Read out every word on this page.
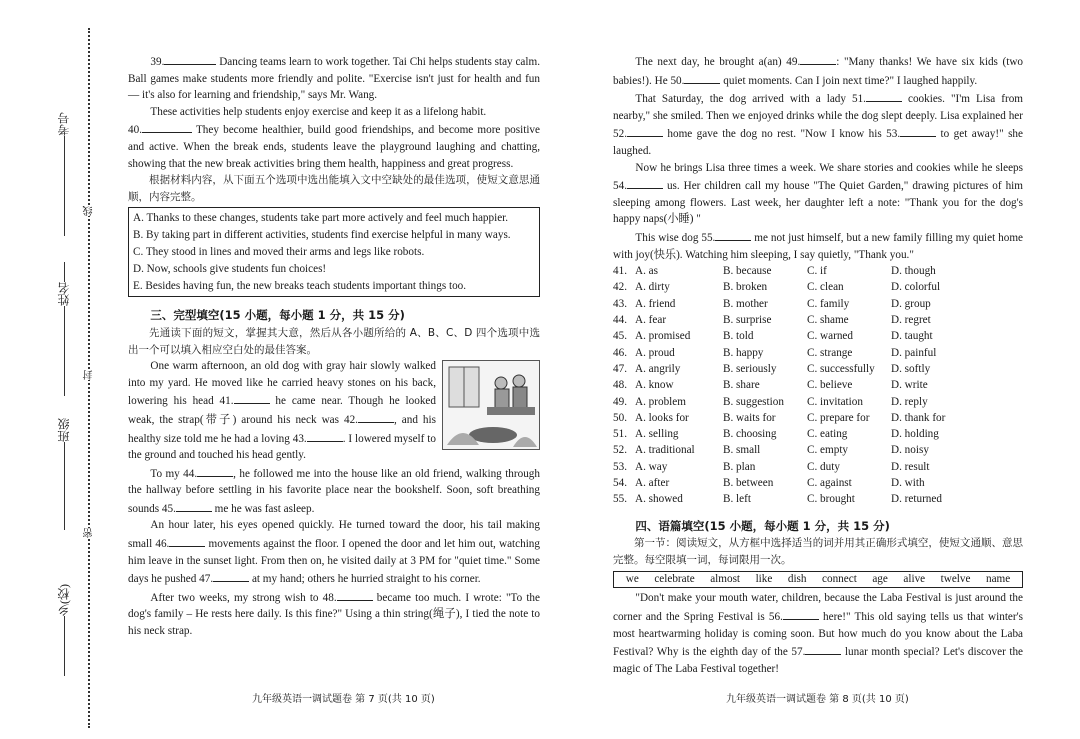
考号
姓名
班级
乡(校)
线
封
密

39.	Dancing teams learn to work together. Tai Chi helps students stay calm. Ball games make students more friendly and polite. "Exercise isn't just for health and fun — it's also for learning and friendship," says Mr. Wang.

These activities help students enjoy exercise and keep it as a lifelong habit.

40.	They become healthier, build good friendships, and become more positive and active. When the break ends, students leave the playground laughing and chatting, showing that the new break activities bring them health, happiness and great progress.

根据材料内容，从下面五个选项中选出能填入文中空缺处的最佳选项，使短文意思通顺，内容完整。

A. Thanks to these changes, students take part more actively and feel much happier.
B. By taking part in different activities, students find exercise helpful in many ways.
C. They stood in lines and moved their arms and legs like robots.
D. Now, schools give students fun choices!
E. Besides having fun, the new breaks teach students important things too.

三、完型填空(15 小题，每小题 1 分，共 15 分)

先通读下面的短文，掌握其大意，然后从各小题所给的 A、B、C、D 四个选项中选出一个可以填入相应空白处的最佳答案。

One warm afternoon, an old dog with gray hair slowly walked into my yard. He moved like he carried heavy stones on his back, lowering his head 41.	he came near. Though he looked weak, the strap(带子) around his neck was 42.	, and his healthy size told me he had a loving 43.	. I lowered myself to the ground and touched his head gently.

To my 44.	, he followed me into the house like an old friend, walking through the hallway before settling in his favorite place near the bookshelf. Soon, soft breathing sounds 45.	me he was fast asleep.

An hour later, his eyes opened quickly. He turned toward the door, his tail making small 46.	movements against the floor. I opened the door and let him out, watching him leave in the sunset light. From then on, he visited daily at 3 PM for "quiet time." Some days he pushed 47.	at my hand; others he hurried straight to his corner.

After two weeks, my strong wish to 48.	became too much. I wrote: "To the dog's family – He rests here daily. Is this fine?" Using a thin string(绳子), I tied the note to his neck strap.

The next day, he brought a(an) 49.	: "Many thanks! We have six kids (two babies!). He 50.	quiet moments. Can I join next time?" I laughed happily.

That Saturday, the dog arrived with a lady 51.	cookies. "I'm Lisa from nearby," she smiled. Then we enjoyed drinks while the dog slept deeply. Lisa explained her 52.	home gave the dog no rest. "Now I know his 53.	to get away!" she laughed.

Now he brings Lisa three times a week. We share stories and cookies while he sleeps 54.	us. Her children call my house "The Quiet Garden," drawing pictures of him sleeping among flowers. Last week, her daughter left a note: "Thank you for the dog's happy naps(小睡) "

This wise dog 55.	me not just himself, but a new family filling my quiet home with joy(快乐). Watching him sleeping, I say quietly, "Thank you."

41. A. as	B. because	C. if	D. though
42. A. dirty	B. broken	C. clean	D. colorful
43. A. friend	B. mother	C. family	D. group
44. A. fear	B. surprise	C. shame	D. regret
45. A. promised	B. told	C. warned	D. taught
46. A. proud	B. happy	C. strange	D. painful
47. A. angrily	B. seriously	C. successfully	D. softly
48. A. know	B. share	C. believe	D. write
49. A. problem	B. suggestion	C. invitation	D. reply
50. A. looks for	B. waits for	C. prepare for	D. thank for
51. A. selling	B. choosing	C. eating	D. holding
52. A. traditional	B. small	C. empty	D. noisy
53. A. way	B. plan	C. duty	D. result
54. A. after	B. between	C. against	D. with
55. A. showed	B. left	C. brought	D. returned

四、语篇填空(15 小题，每小题 1 分，共 15 分)

第一节：阅读短文，从方框中选择适当的词并用其正确形式填空，使短文通顺、意思完整。每空限填一词，每词限用一次。

we celebrate almost like dish connect age alive twelve name

"Don't make your mouth water, children, because the Laba Festival is just around the corner and the Spring Festival is 56.	here!" This old saying tells us that winter's most heartwarming holiday is coming soon. But how much do you know about the Laba Festival? Why is the eighth day of the 57.	lunar month special? Let's discover the magic of The Laba Festival together!

九年级英语一调试题卷 第 7 页(共 10 页)	九年级英语一调试题卷 第 8 页(共 10 页)
